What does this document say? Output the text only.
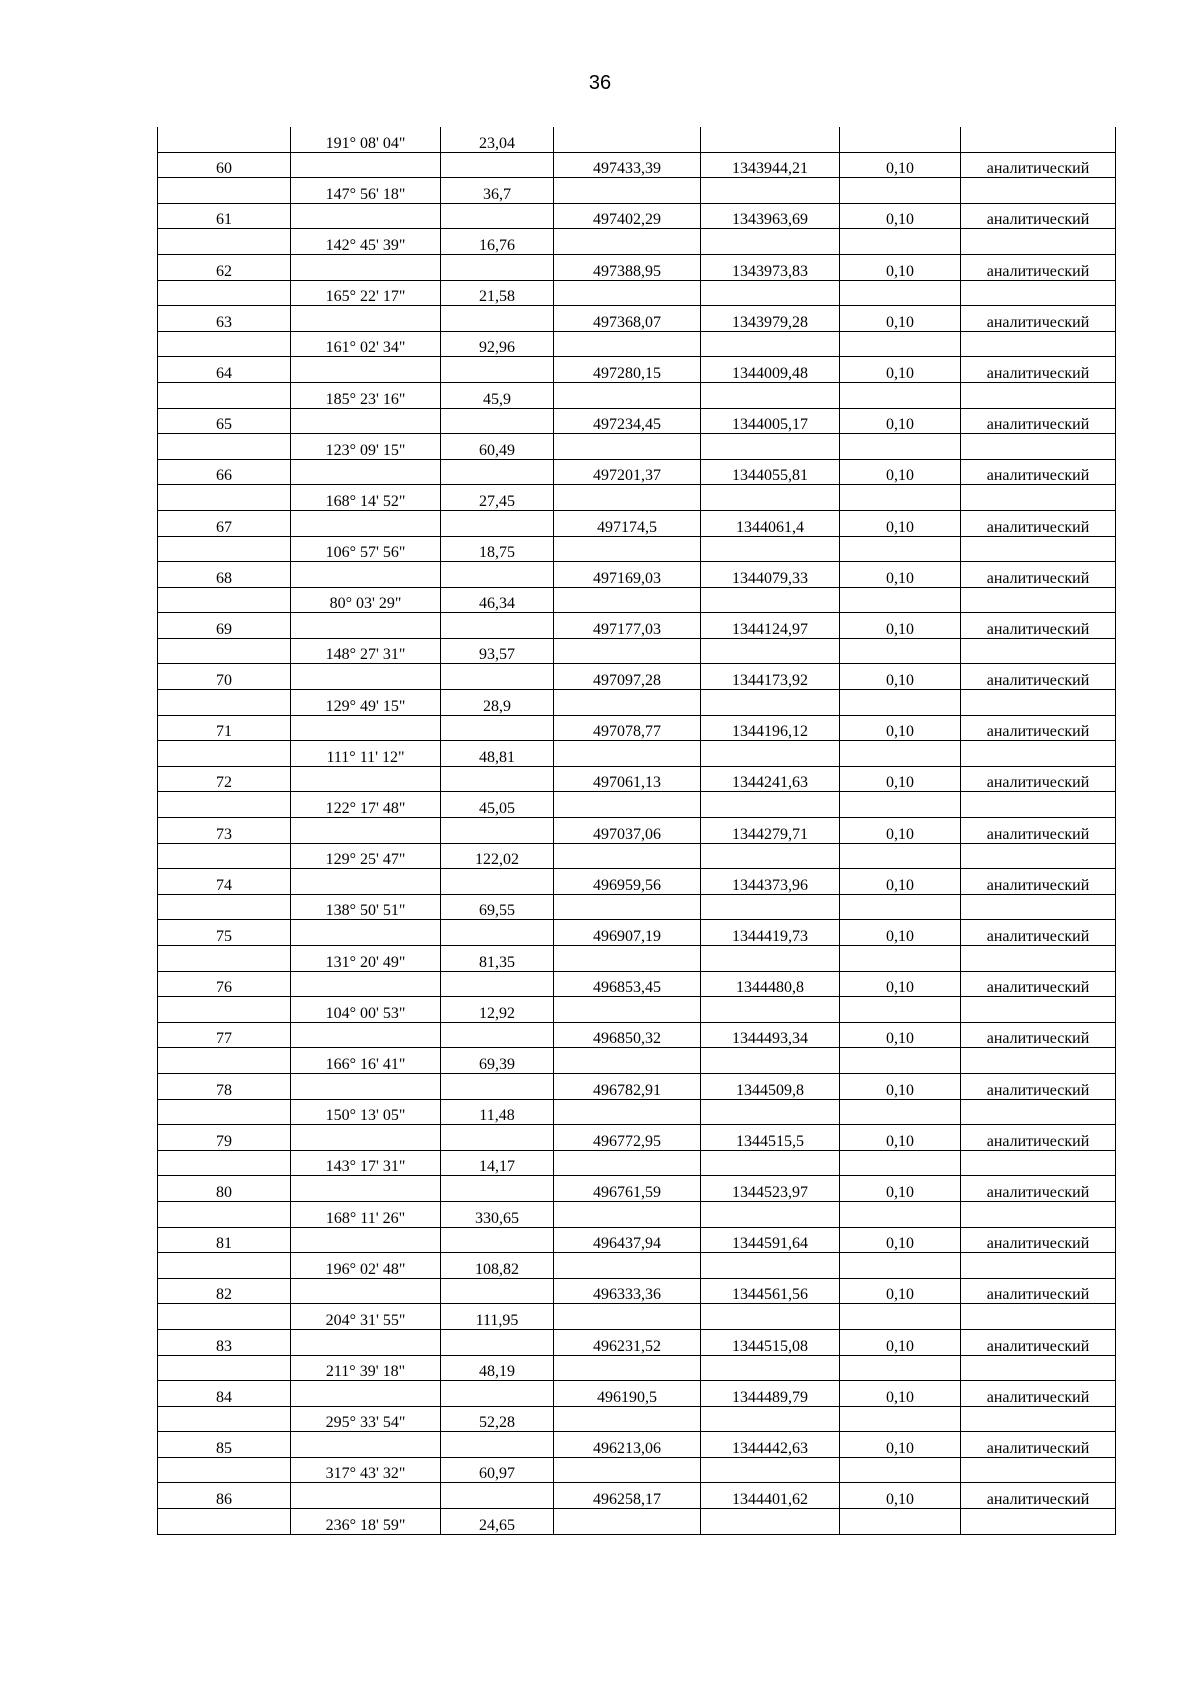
36
	191° 08' 04"	23,04				
60			497433,39	1343944,21	0,10	аналитический
	147° 56' 18"	36,7				
61			497402,29	1343963,69	0,10	аналитический
	142° 45' 39"	16,76				
62			497388,95	1343973,83	0,10	аналитический
	165° 22' 17"	21,58				
63			497368,07	1343979,28	0,10	аналитический
	161° 02' 34"	92,96				
64			497280,15	1344009,48	0,10	аналитический
	185° 23' 16"	45,9				
65			497234,45	1344005,17	0,10	аналитический
	123° 09' 15"	60,49				
66			497201,37	1344055,81	0,10	аналитический
	168° 14' 52"	27,45				
67			497174,5	1344061,4	0,10	аналитический
	106° 57' 56"	18,75				
68			497169,03	1344079,33	0,10	аналитический
	80° 03' 29"	46,34				
69			497177,03	1344124,97	0,10	аналитический
	148° 27' 31"	93,57				
70			497097,28	1344173,92	0,10	аналитический
	129° 49' 15"	28,9				
71			497078,77	1344196,12	0,10	аналитический
	111° 11' 12"	48,81				
72			497061,13	1344241,63	0,10	аналитический
	122° 17' 48"	45,05				
73			497037,06	1344279,71	0,10	аналитический
	129° 25' 47"	122,02				
74			496959,56	1344373,96	0,10	аналитический
	138° 50' 51"	69,55				
75			496907,19	1344419,73	0,10	аналитический
	131° 20' 49"	81,35				
76			496853,45	1344480,8	0,10	аналитический
	104° 00' 53"	12,92				
77			496850,32	1344493,34	0,10	аналитический
	166° 16' 41"	69,39				
78			496782,91	1344509,8	0,10	аналитический
	150° 13' 05"	11,48				
79			496772,95	1344515,5	0,10	аналитический
	143° 17' 31"	14,17				
80			496761,59	1344523,97	0,10	аналитический
	168° 11' 26"	330,65				
81			496437,94	1344591,64	0,10	аналитический
	196° 02' 48"	108,82				
82			496333,36	1344561,56	0,10	аналитический
	204° 31' 55"	111,95				
83			496231,52	1344515,08	0,10	аналитический
	211° 39' 18"	48,19				
84			496190,5	1344489,79	0,10	аналитический
	295° 33' 54"	52,28				
85			496213,06	1344442,63	0,10	аналитический
	317° 43' 32"	60,97				
86			496258,17	1344401,62	0,10	аналитический
	236° 18' 59"	24,65				
